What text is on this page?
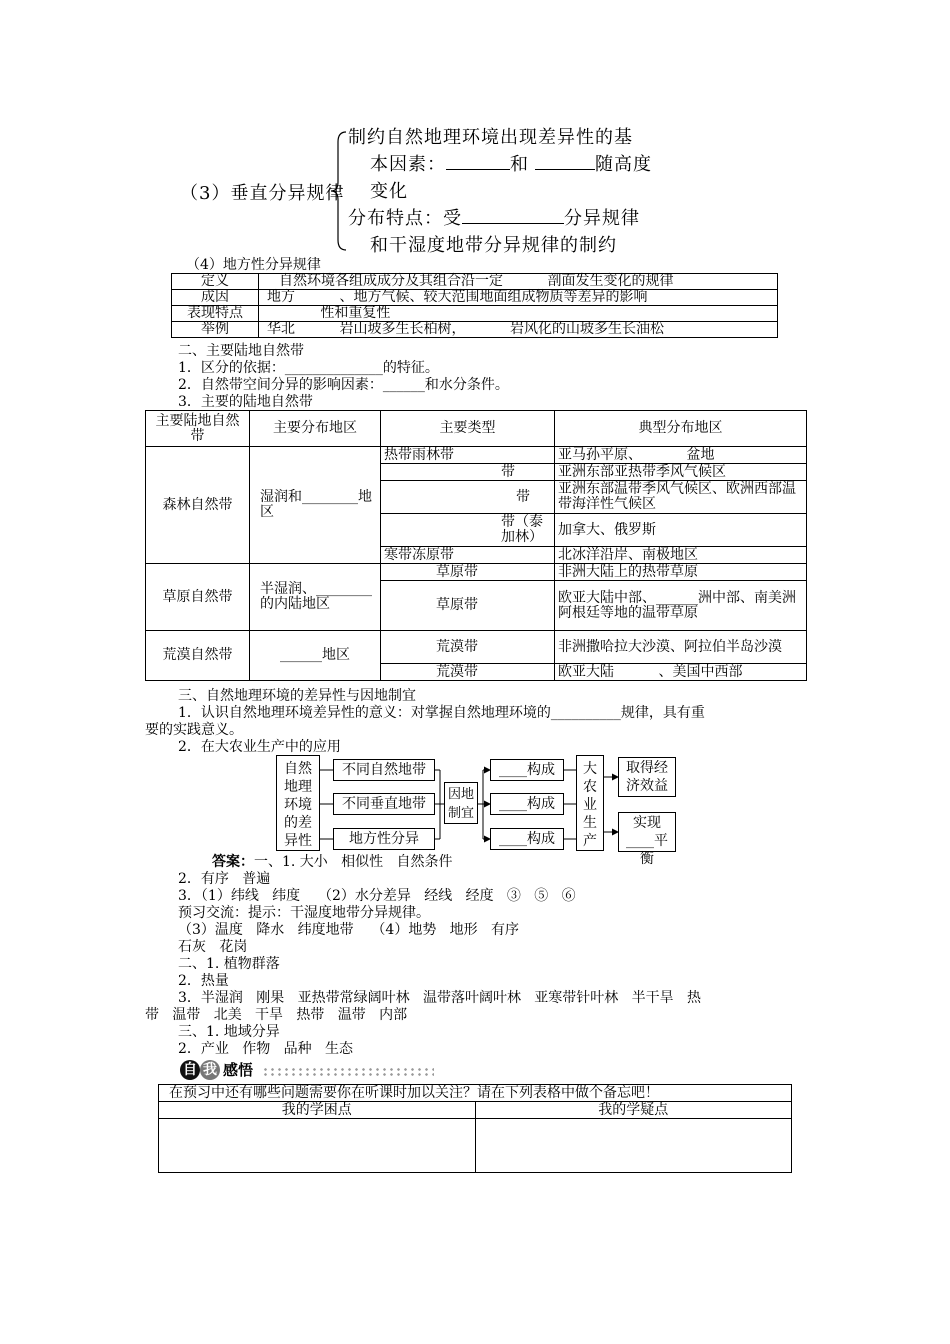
（3）垂直分异规律
制约自然地理环境出现差异性的基
本因素：	和	随高度
变化
分布特点：受	分异规律
和干湿度地带分异规律的制约
（4）地方性分异规律
定义	自然环境各组成成分及其组合沿一定          剖面发生变化的规律
成因	地方          、地方气候、较大范围地面组成物质等差异的影响
表现特点	性和重复性
举例	华北          岩山坡多生长柏树，          岩风化的山坡多生长油松
二、主要陆地自然带
1．区分的依据：______________的特征。
2．自然带空间分异的影响因素：______和水分条件。
3．主要的陆地自然带
主要陆地自然带	主要分布地区	主要类型	典型分布地区
森林自然带	湿润和________地区	热带雨林带	亚马孙平原、          盆地
		带	亚洲东部亚热带季风气候区
		带	亚洲东部温带季风气候区、欧洲西部温带海洋性气候区
		带（泰加林）	加拿大、俄罗斯
		寒带冻原带	北冰洋沿岸、南极地区
草原自然带	半湿润、________的内陆地区	草原带	非洲大陆上的热带草原
		草原带	欧亚大陆中部、______洲中部、南美洲阿根廷等地的温带草原
荒漠自然带	______地区	荒漠带	非洲撒哈拉大沙漠、阿拉伯半岛沙漠
		荒漠带	欧亚大陆          、美国中西部
三、自然地理环境的差异性与因地制宜
1．认识自然地理环境差异性的意义：对掌握自然地理环境的__________规律，具有重
要的实践意义。
2．在大农业生产中的应用
自然地理环境的差异性
不同自然地带
不同垂直地带
地方性分异
因地制宜
____构成
____构成
____构成
大农业生产
取得经济效益
实现____平衡
答案：一、1. 大小   相似性   自然条件
2．有序   普遍
3．（1）纬线   纬度    （2）水分差异   经线   经度   ③   ⑤   ⑥
预习交流：提示：干湿度地带分异规律。
（3）温度   降水   纬度地带    （4）地势   地形   有序
石灰   花岗
二、1. 植物群落
2．热量
3．半湿润   刚果   亚热带常绿阔叶林   温带落叶阔叶林   亚寒带针叶林   半干旱   热
带   温带   北美   干旱   热带   温带   内部
三、1. 地域分异
2．产业   作物   品种   生态
自 我 感悟
在预习中还有哪些问题需要你在听课时加以关注？请在下列表格中做个备忘吧！	
我的学困点	我的学疑点
